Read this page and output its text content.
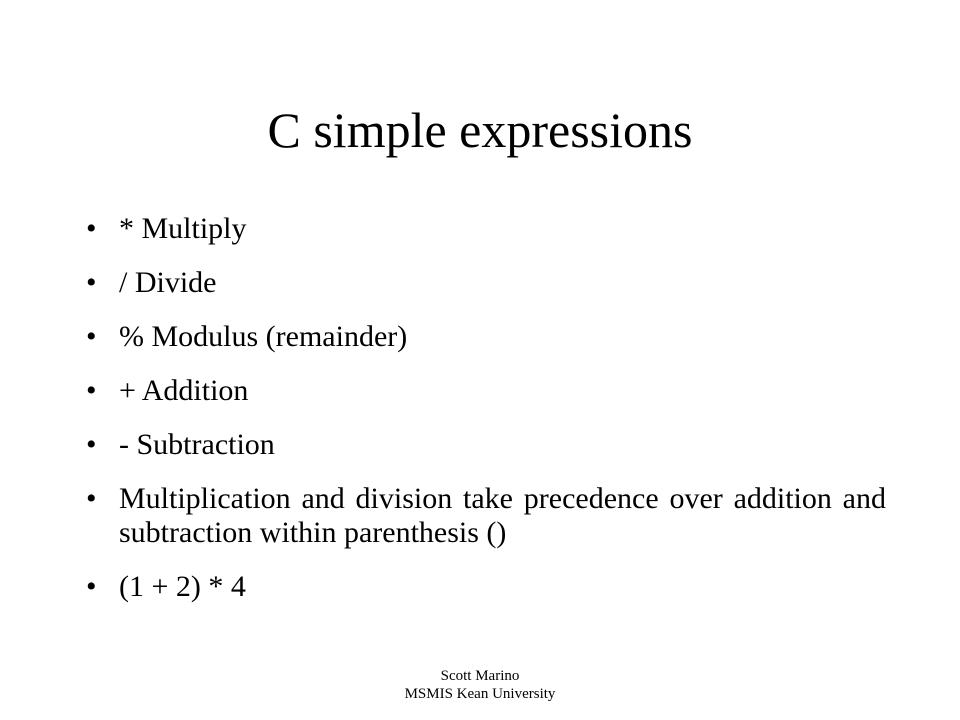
C simple expressions
• * Multiply
• / Divide
• % Modulus (remainder)
• + Addition
• - Subtraction
• Multiplication and division take precedence over addition and subtraction within parenthesis ()
• (1 + 2) * 4
Scott Marino
MSMIS Kean University
